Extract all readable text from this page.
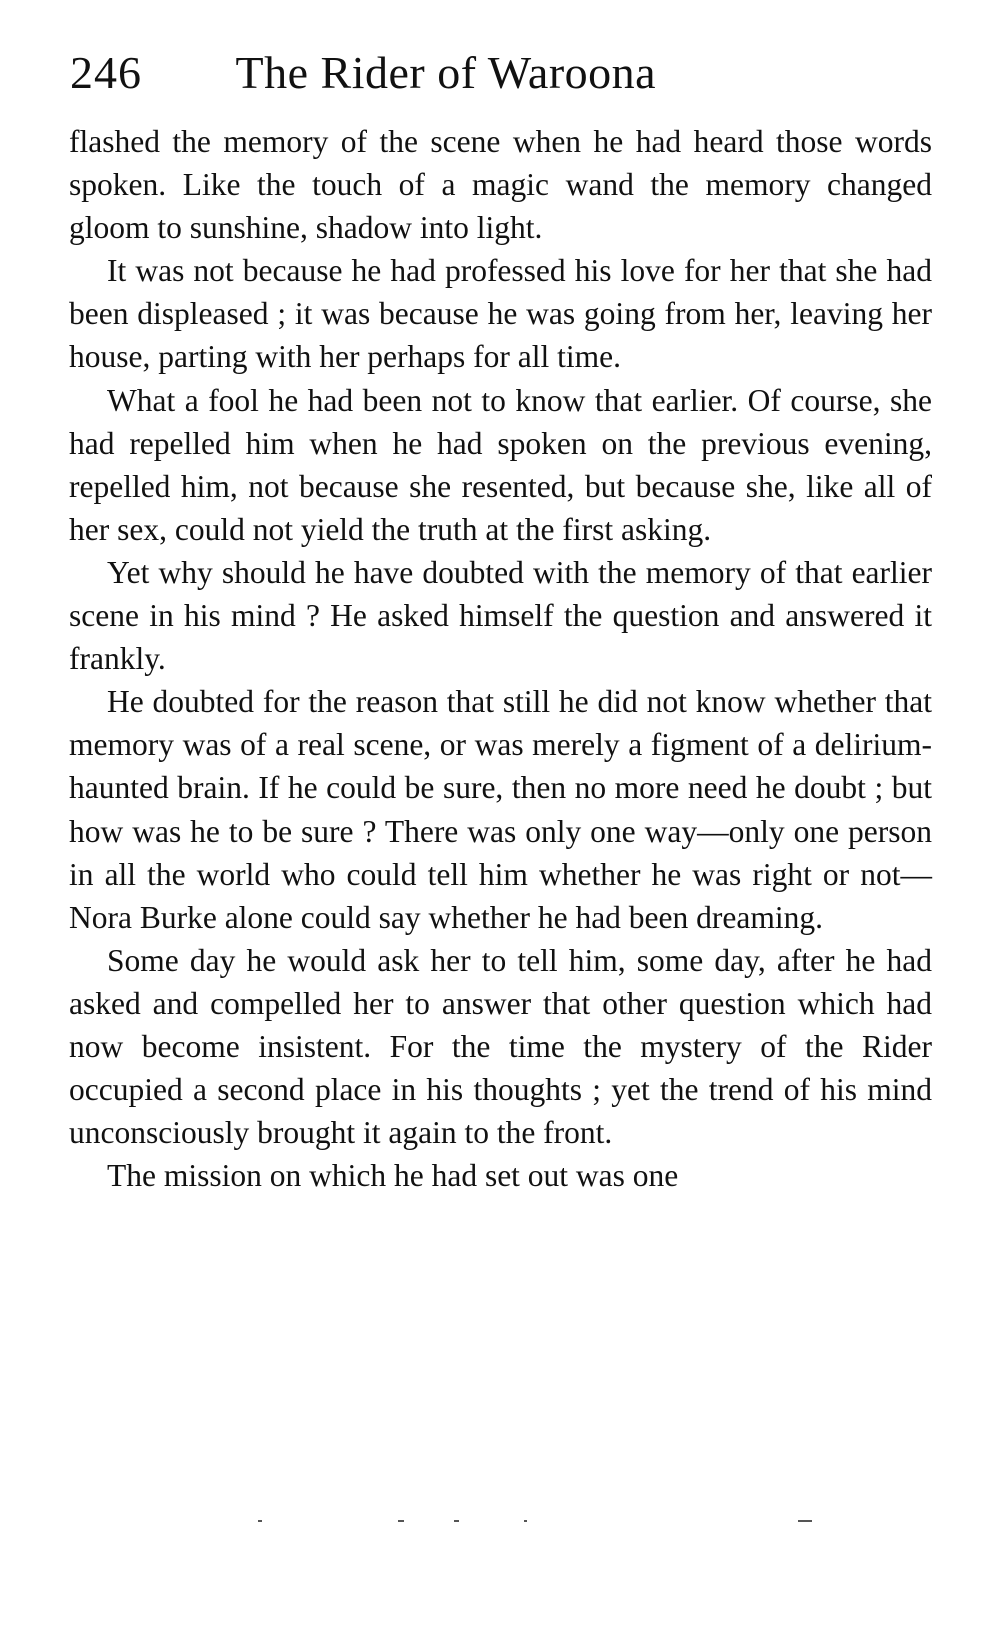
246 The Rider of Waroona

flashed the memory of the scene when he had heard those words spoken. Like the touch of a magic wand the memory changed gloom to sunshine, shadow into light.

It was not because he had professed his love for her that she had been displeased ; it was because he was going from her, leaving her house, parting with her perhaps for all time.

What a fool he had been not to know that earlier. Of course, she had repelled him when he had spoken on the previous evening, repelled him, not because she resented, but because she, like all of her sex, could not yield the truth at the first asking.

Yet why should he have doubted with the memory of that earlier scene in his mind ? He asked himself the question and answered it frankly.

He doubted for the reason that still he did not know whether that memory was of a real scene, or was merely a figment of a delirium-haunted brain. If he could be sure, then no more need he doubt ; but how was he to be sure ? There was only one way—only one person in all the world who could tell him whether he was right or not—Nora Burke alone could say whether he had been dreaming.

Some day he would ask her to tell him, some day, after he had asked and compelled her to answer that other question which had now become insistent. For the time the mystery of the Rider occupied a second place in his thoughts ; yet the trend of his mind unconsciously brought it again to the front.

The mission on which he had set out was one
